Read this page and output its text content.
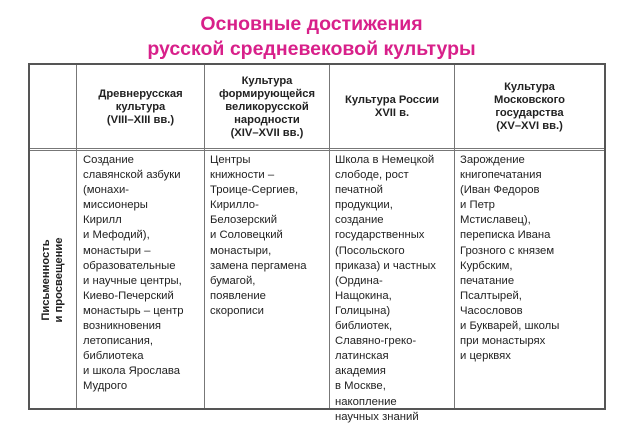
Основные достижения
русской средневековой культуры
Древнерусская
культура
(VIII–XIII вв.)
Культура
формирующейся
великорусской
народности
(XIV–XVII вв.)
Культура России
XVII в.
Культура
Московского
государства
(XV–XVI вв.)
Письменность
и просвещение
Создание
славянской азбуки
(монахи-
миссионеры
Кирилл
и Мефодий),
монастыри –
образовательные
и научные центры,
Киево-Печерский
монастырь – центр
возникновения
летописания,
библиотека
и школа Ярослава
Мудрого
Центры
книжности –
Троице-Сергиев,
Кирилло-
Белозерский
и Соловецкий
монастыри,
замена пергамена
бумагой,
появление
скорописи
Школа в Немецкой
слободе, рост
печатной
продукции,
создание
государственных
(Посольского
приказа) и частных
(Ордина-
Нащокина,
Голицына)
библиотек,
Славяно-греко-
латинская
академия
в Москве,
накопление
научных знаний
Зарождение
книгопечатания
(Иван Федоров
и Петр
Мстиславец),
переписка Ивана
Грозного с князем
Курбским,
печатание
Псалтырей,
Часословов
и Букварей, школы
при монастырях
и церквях
